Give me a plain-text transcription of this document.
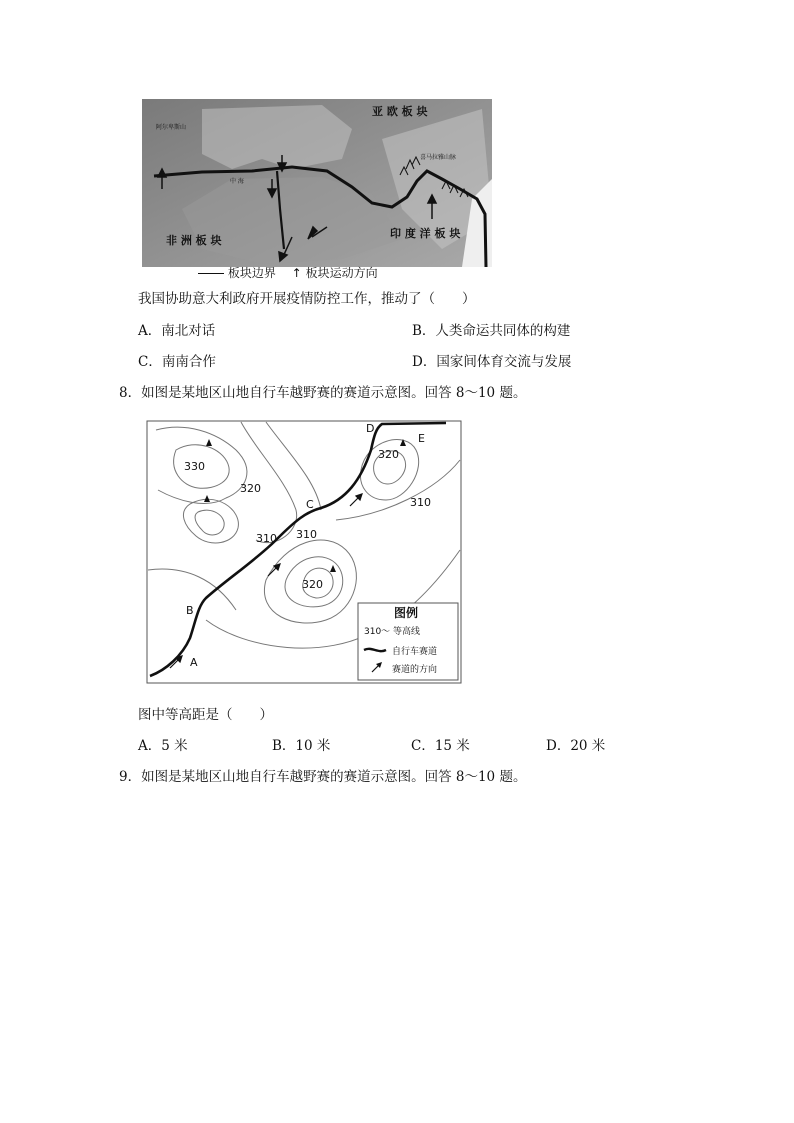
亚 欧 板 块
非 洲 板 块
印 度 洋 板 块
喜马拉雅山脉
阿尔卑斯山
中 海
板块边界 ↑ 板块运动方向
我国协助意大利政府开展疫情防控工作，推动了（　　）
A．南北对话	B．人类命运共同体的构建
C．南南合作	D．国家间体育交流与发展
8．如图是某地区山地自行车越野赛的赛道示意图。回答 8～10 题。
A
B
C
D
E
330
320
310 310
320
320
310
图例
310～ 等高线
自行车赛道
赛道的方向
图中等高距是（　　）
A．5 米	B．10 米	C．15 米	D．20 米
9．如图是某地区山地自行车越野赛的赛道示意图。回答 8～10 题。
